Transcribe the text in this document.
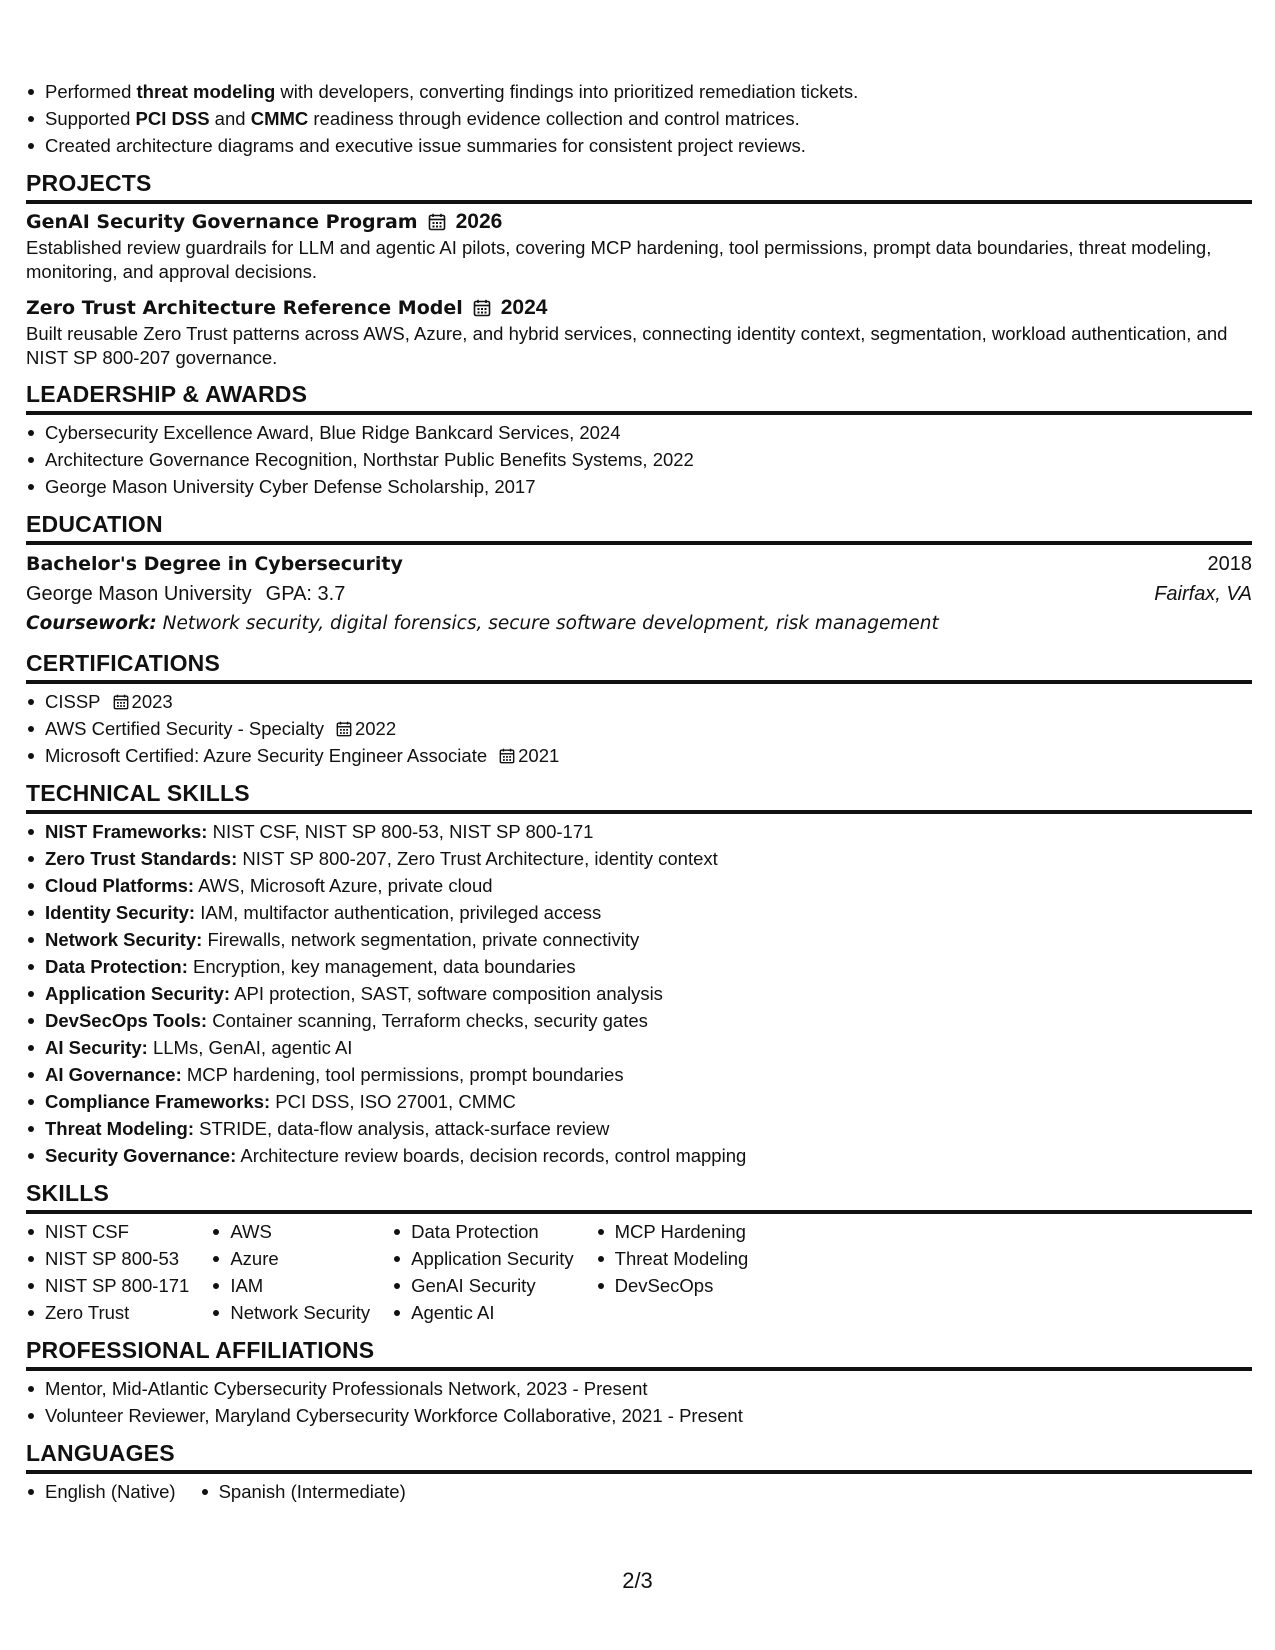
Performed threat modeling with developers, converting findings into prioritized remediation tickets.
Supported PCI DSS and CMMC readiness through evidence collection and control matrices.
Created architecture diagrams and executive issue summaries for consistent project reviews.
PROJECTS
GenAI Security Governance Program 2026
Established review guardrails for LLM and agentic AI pilots, covering MCP hardening, tool permissions, prompt data boundaries, threat modeling, monitoring, and approval decisions.
Zero Trust Architecture Reference Model 2024
Built reusable Zero Trust patterns across AWS, Azure, and hybrid services, connecting identity context, segmentation, workload authentication, and NIST SP 800-207 governance.
LEADERSHIP & AWARDS
Cybersecurity Excellence Award, Blue Ridge Bankcard Services, 2024
Architecture Governance Recognition, Northstar Public Benefits Systems, 2022
George Mason University Cyber Defense Scholarship, 2017
EDUCATION
Bachelor's Degree in Cybersecurity	2018
George Mason University GPA: 3.7	Fairfax, VA
Coursework: Network security, digital forensics, secure software development, risk management
CERTIFICATIONS
CISSP 2023
AWS Certified Security - Specialty 2022
Microsoft Certified: Azure Security Engineer Associate 2021
TECHNICAL SKILLS
NIST Frameworks: NIST CSF, NIST SP 800-53, NIST SP 800-171
Zero Trust Standards: NIST SP 800-207, Zero Trust Architecture, identity context
Cloud Platforms: AWS, Microsoft Azure, private cloud
Identity Security: IAM, multifactor authentication, privileged access
Network Security: Firewalls, network segmentation, private connectivity
Data Protection: Encryption, key management, data boundaries
Application Security: API protection, SAST, software composition analysis
DevSecOps Tools: Container scanning, Terraform checks, security gates
AI Security: LLMs, GenAI, agentic AI
AI Governance: MCP hardening, tool permissions, prompt boundaries
Compliance Frameworks: PCI DSS, ISO 27001, CMMC
Threat Modeling: STRIDE, data-flow analysis, attack-surface review
Security Governance: Architecture review boards, decision records, control mapping
SKILLS
NIST CSF
NIST SP 800-53
NIST SP 800-171
Zero Trust
AWS
Azure
IAM
Network Security
Data Protection
Application Security
GenAI Security
Agentic AI
MCP Hardening
Threat Modeling
DevSecOps
PROFESSIONAL AFFILIATIONS
Mentor, Mid-Atlantic Cybersecurity Professionals Network, 2023 - Present
Volunteer Reviewer, Maryland Cybersecurity Workforce Collaborative, 2021 - Present
LANGUAGES
English (Native)	Spanish (Intermediate)
2/3
